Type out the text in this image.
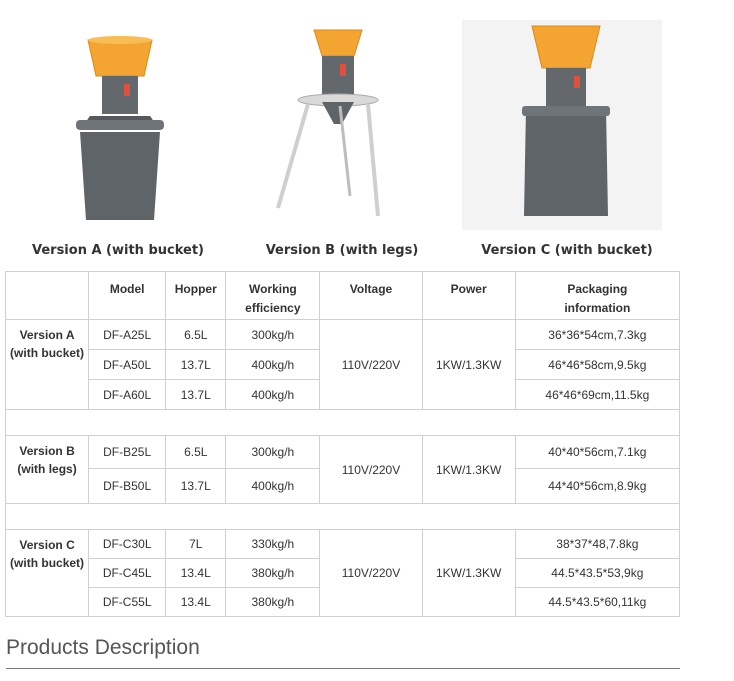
Version A (with bucket)	Version B (with legs)	Version C (with bucket)
	Model	Hopper	Working efficiency	Voltage	Power	Packaging information
Version A (with bucket)	DF-A25L	6.5L	300kg/h	110V/220V	1KW/1.3KW	36*36*54cm,7.3kg
	DF-A50L	13.7L	400kg/h			46*46*58cm,9.5kg
	DF-A60L	13.7L	400kg/h			46*46*69cm,11.5kg

Version B (with legs)	DF-B25L	6.5L	300kg/h	110V/220V	1KW/1.3KW	40*40*56cm,7.1kg
	DF-B50L	13.7L	400kg/h			44*40*56cm,8.9kg

Version C (with bucket)	DF-C30L	7L	330kg/h	110V/220V	1KW/1.3KW	38*37*48,7.8kg
	DF-C45L	13.4L	380kg/h			44.5*43.5*53,9kg
	DF-C55L	13.4L	380kg/h			44.5*43.5*60,11kg
Products Description
